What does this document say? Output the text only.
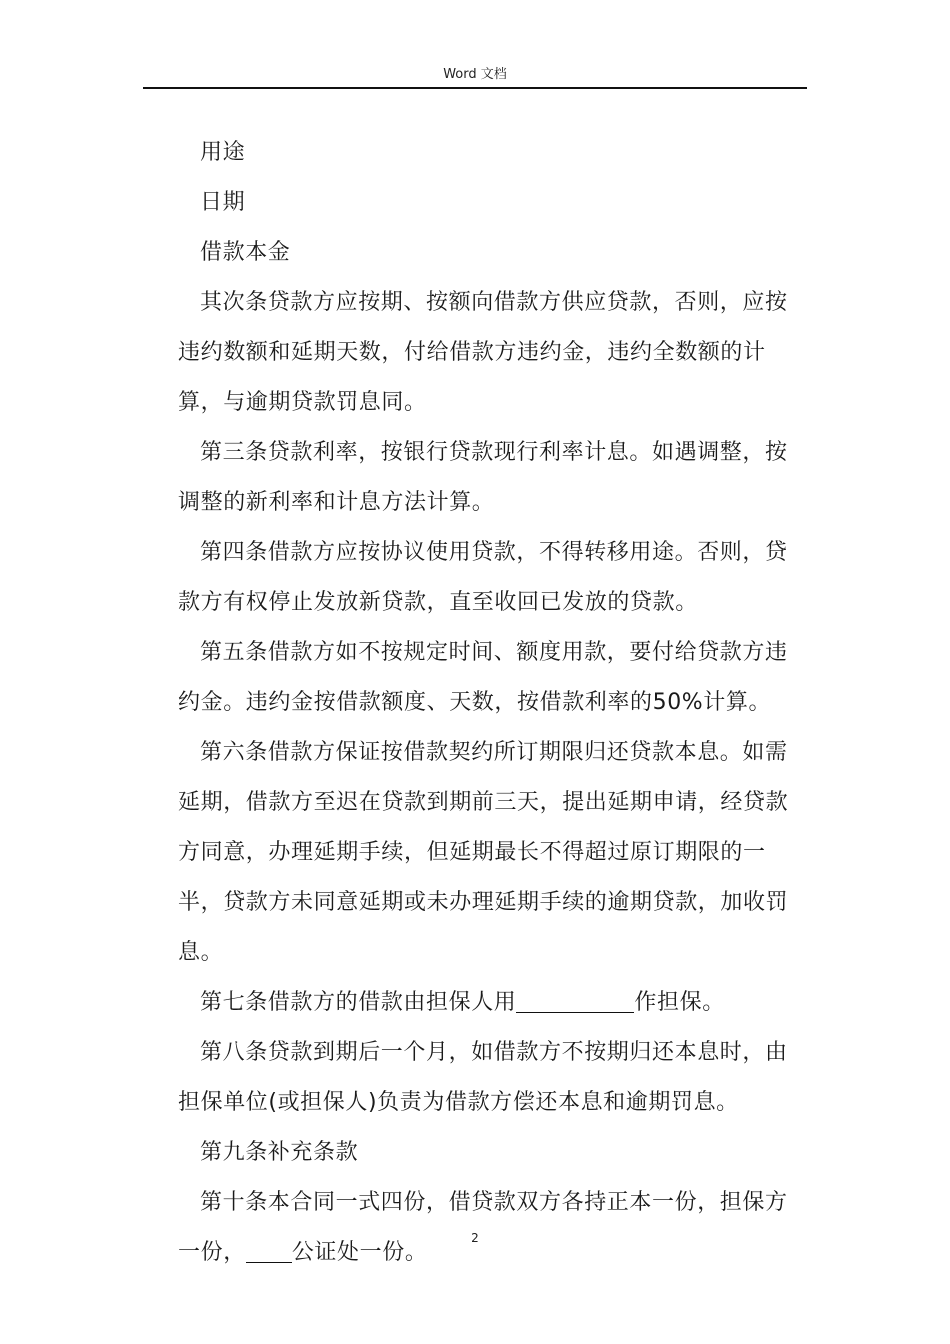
Word 文档

用途

日期

借款本金

其次条贷款方应按期、按额向借款方供应贷款，否则，应按违约数额和延期天数，付给借款方违约金，违约全数额的计算，与逾期贷款罚息同。

第三条贷款利率，按银行贷款现行利率计息。如遇调整，按调整的新利率和计息方法计算。

第四条借款方应按协议使用贷款，不得转移用途。否则，贷款方有权停止发放新贷款，直至收回已发放的贷款。

第五条借款方如不按规定时间、额度用款，要付给贷款方违约金。违约金按借款额度、天数，按借款利率的50%计算。

第六条借款方保证按借款契约所订期限归还贷款本息。如需延期，借款方至迟在贷款到期前三天，提出延期申请，经贷款方同意，办理延期手续，但延期最长不得超过原订期限的一半，贷款方未同意延期或未办理延期手续的逾期贷款，加收罚息。

第七条借款方的借款由担保人用	作担保。

第八条贷款到期后一个月，如借款方不按期归还本息时，由担保单位(或担保人)负责为借款方偿还本息和逾期罚息。

第九条补充条款

第十条本合同一式四份，借贷款双方各持正本一份，担保方一份， 公证处一份。

2
